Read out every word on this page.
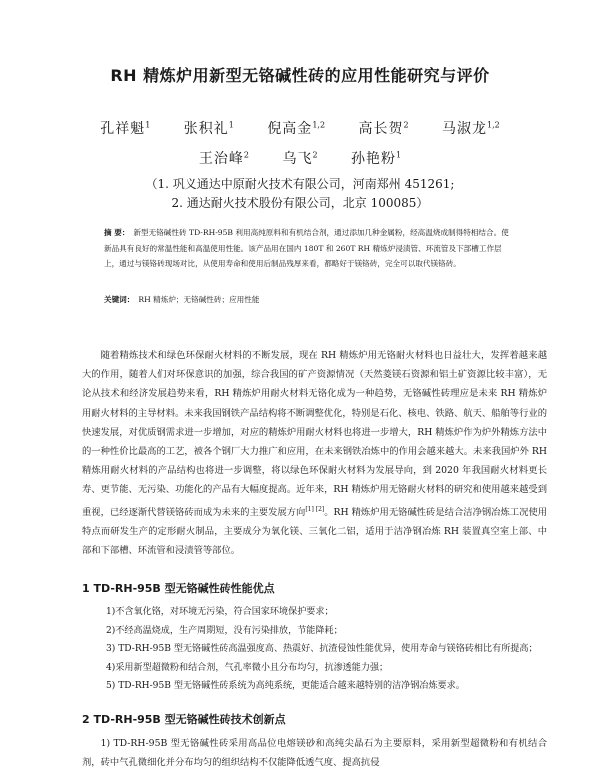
RH 精炼炉用新型无铬碱性砖的应用性能研究与评价
孔祥魁$^1$ 张积礼$^1$ 倪高金$^{1,2}$ 高长贺$^2$ 马淑龙$^{1,2}$
王治峰$^2$ 乌飞$^2$ 孙艳粉$^1$
（1. 巩义通达中原耐火技术有限公司，河南郑州 451261;
2. 通达耐火技术股份有限公司，北京 100085）
摘 要： 新型无铬碱性砖 TD-RH-95B 利用高纯原料和有机结合剂，通过添加几种金属粉，经高温烧成制得特相结合。使新品具有良好的常温性能和高温使用性能。该产品用在国内 180T 和 260T RH 精炼炉浸渍管、环流管及下部槽工作层上，通过与镁铬砖现场对比，从使用寿命和使用后制品残厚来看，都略好于镁铬砖，完全可以取代镁铬砖。
关键词： RH 精炼炉；无铬碱性砖；应用性能
随着精炼技术和绿色环保耐火材料的不断发展，现在 RH 精炼炉用无铬耐火材料也日益壮大，发挥着越来越大的作用，随着人们对环保意识的加强，综合我国的矿产资源情况（天然菱镁石资源和铝土矿资源比较丰富），无论从技术和经济发展趋势来看，RH 精炼炉用耐火材料无铬化成为一种趋势，无铬碱性砖理应是未来 RH 精炼炉用耐火材料的主导材料。未来我国钢铁产品结构将不断调整优化，特别是石化、核电、铁路、航天、船舶等行业的快速发展，对优质钢需求进一步增加，对应的精炼炉用耐火材料也将进一步增大，RH 精炼炉作为炉外精炼方法中的一种性价比最高的工艺，被各个钢厂大力推广和应用，在未来钢铁冶炼中的作用会越来越大。未来我国炉外 RH 精炼用耐火材料的产品结构也将进一步调整，将以绿色环保耐火材料为发展导向，到 2020 年我国耐火材料更长寿、更节能、无污染、功能化的产品有大幅度提高。近年来，RH 精炼炉用无铬耐火材料的研究和使用越来越受到重视，已经逐渐代替镁铬砖而成为未来的主要发展方向[1] [2]。RH 精炼炉用无铬碱性砖是结合洁净钢冶炼工况使用特点而研发生产的定形耐火制品，主要成分为氧化镁、三氧化二铝，适用于洁净钢冶炼 RH 装置真空室上部、中部和下部槽、环流管和浸渍管等部位。
1 TD-RH-95B 型无铬碱性砖性能优点
1)不含氧化铬，对环境无污染，符合国家环境保护要求；
2)不经高温烧成，生产周期短，没有污染排放，节能降耗；
3) TD-RH-95B 型无铬碱性砖高温强度高、热震好、抗渣侵蚀性能优异，使用寿命与镁铬砖相比有所提高；
4)采用新型超微粉和结合剂，气孔率微小且分布均匀，抗渗透能力强；
5) TD-RH-95B 型无铬碱性砖系统为高纯系统，更能适合越来越特别的洁净钢冶炼要求。
2 TD-RH-95B 型无铬碱性砖技术创新点
1) TD-RH-95B 型无铬碱性砖采用高品位电熔镁砂和高纯尖晶石为主要原料，采用新型超微粉和有机结合剂，砖中气孔微细化并分布均匀的组织结构不仅能降低透气度、提高抗侵
